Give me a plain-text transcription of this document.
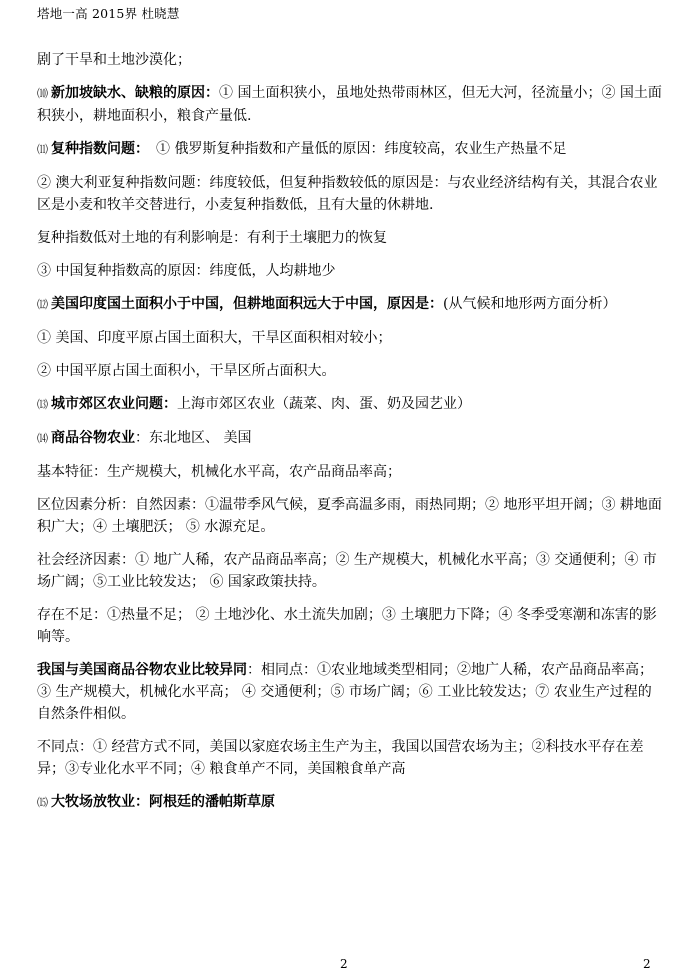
塔地一高 2015界 杜晓慧

剧了干旱和土地沙漠化；

⑽ 新加坡缺水、缺粮的原因：① 国土面积狭小，虽地处热带雨林区，但无大河，径流量小；② 国土面积狭小，耕地面积小，粮食产量低.

⑾ 复种指数问题：　① 俄罗斯复种指数和产量低的原因：纬度较高，农业生产热量不足

② 澳大利亚复种指数问题：纬度较低，但复种指数较低的原因是：与农业经济结构有关，其混合农业区是小麦和牧羊交替进行，小麦复种指数低，且有大量的休耕地.

复种指数低对土地的有利影响是：有利于土壤肥力的恢复

③ 中国复种指数高的原因：纬度低，人均耕地少

⑿ 美国印度国土面积小于中国，但耕地面积远大于中国，原因是：(从气候和地形两方面分析）

① 美国、印度平原占国土面积大，干旱区面积相对较小；

② 中国平原占国土面积小，干旱区所占面积大。

⒀ 城市郊区农业问题：上海市郊区农业（蔬菜、肉、蛋、奶及园艺业）

⒁ 商品谷物农业：东北地区、 美国

基本特征：生产规模大，机械化水平高，农产品商品率高；

区位因素分析：自然因素：①温带季风气候，夏季高温多雨，雨热同期；② 地形平坦开阔；③ 耕地面积广大；④ 土壤肥沃； ⑤ 水源充足。

社会经济因素：① 地广人稀，农产品商品率高；② 生产规模大，机械化水平高；③ 交通便利；④ 市场广阔；⑤工业比较发达； ⑥ 国家政策扶持。

存在不足：①热量不足； ② 土地沙化、水土流失加剧；③ 土壤肥力下降；④ 冬季受寒潮和冻害的影响等。

我国与美国商品谷物农业比较异同：相同点：①农业地域类型相同；②地广人稀，农产品商品率高；③ 生产规模大，机械化水平高； ④ 交通便利；⑤ 市场广阔；⑥ 工业比较发达；⑦ 农业生产过程的自然条件相似。

不同点：① 经营方式不同，美国以家庭农场主生产为主，我国以国营农场为主；②科技水平存在差异；③专业化水平不同；④ 粮食单产不同，美国粮食单产高

⒂ 大牧场放牧业：阿根廷的潘帕斯草原

2	2
